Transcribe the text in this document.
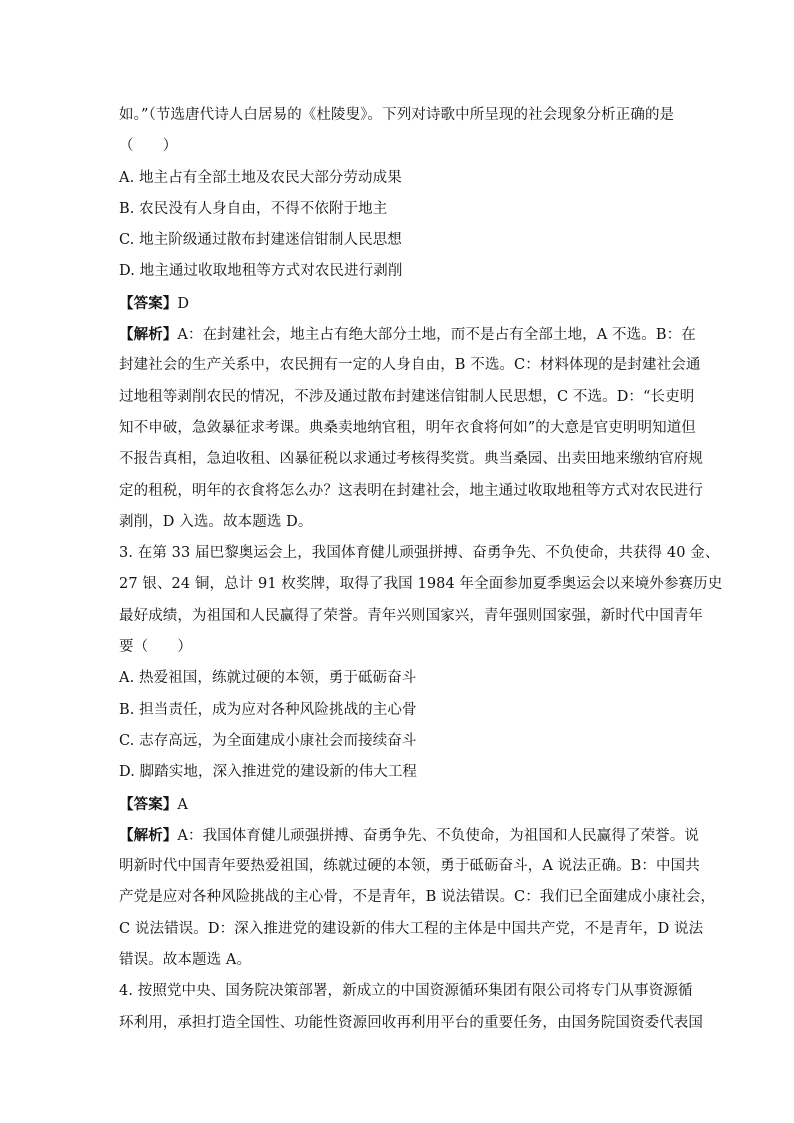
如。”（节选唐代诗人白居易的《杜陵叟》。下列对诗歌中所呈现的社会现象分析正确的是
（　　）
A. 地主占有全部土地及农民大部分劳动成果
B. 农民没有人身自由，不得不依附于地主
C. 地主阶级通过散布封建迷信钳制人民思想
D. 地主通过收取地租等方式对农民进行剥削
【答案】D
【解析】A：在封建社会，地主占有绝大部分土地，而不是占有全部土地，A 不选。B：在
封建社会的生产关系中，农民拥有一定的人身自由，B 不选。C：材料体现的是封建社会通
过地租等剥削农民的情况，不涉及通过散布封建迷信钳制人民思想，C 不选。D：“长吏明
知不申破，急敛暴征求考课。典桑卖地纳官租，明年衣食将何如”的大意是官吏明明知道但
不报告真相，急迫收租、凶暴征税以求通过考核得奖赏。典当桑园、出卖田地来缴纳官府规
定的租税，明年的衣食将怎么办？这表明在封建社会，地主通过收取地租等方式对农民进行
剥削，D 入选。故本题选 D。
3. 在第 33 届巴黎奥运会上，我国体育健儿顽强拼搏、奋勇争先、不负使命，共获得 40 金、
27 银、24 铜，总计 91 枚奖牌，取得了我国 1984 年全面参加夏季奥运会以来境外参赛历史
最好成绩，为祖国和人民赢得了荣誉。青年兴则国家兴，青年强则国家强，新时代中国青年
要（　　）
A. 热爱祖国，练就过硬的本领，勇于砥砺奋斗
B. 担当责任，成为应对各种风险挑战的主心骨
C. 志存高远，为全面建成小康社会而接续奋斗
D. 脚踏实地，深入推进党的建设新的伟大工程
【答案】A
【解析】A：我国体育健儿顽强拼搏、奋勇争先、不负使命，为祖国和人民赢得了荣誉。说
明新时代中国青年要热爱祖国，练就过硬的本领，勇于砥砺奋斗，A 说法正确。B：中国共
产党是应对各种风险挑战的主心骨，不是青年，B 说法错误。C：我们已全面建成小康社会，
C 说法错误。D：深入推进党的建设新的伟大工程的主体是中国共产党，不是青年，D 说法
错误。故本题选 A。
4. 按照党中央、国务院决策部署，新成立的中国资源循环集团有限公司将专门从事资源循
环利用，承担打造全国性、功能性资源回收再利用平台的重要任务，由国务院国资委代表国
